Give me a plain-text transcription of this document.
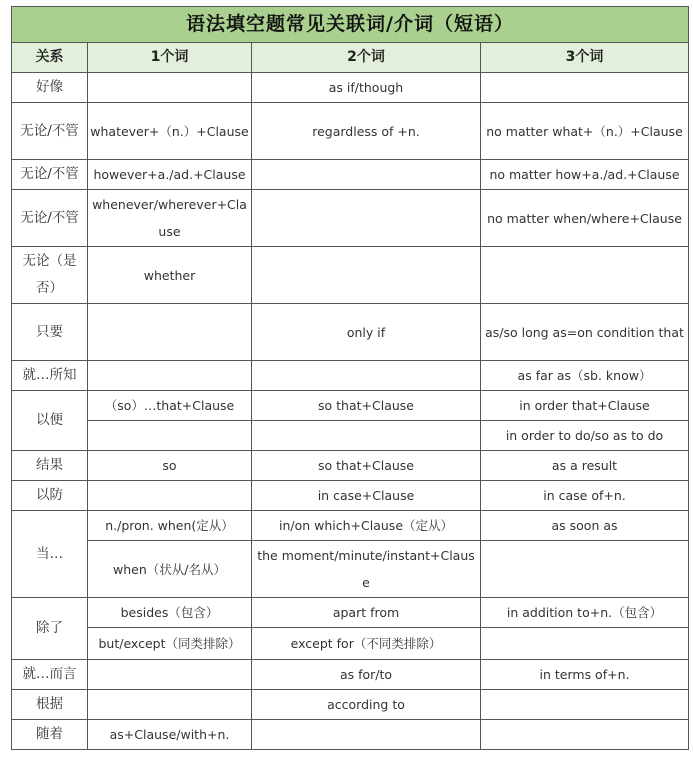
语法填空题常见关联词/介词（短语）			
关系	1个词	2个词	3个词
好像		as if/though	
无论/不管	whatever+（n.）+Clause	regardless of +n.	no matter what+（n.）+Clause
无论/不管	however+a./ad.+Clause		no matter how+a./ad.+Clause
无论/不管	whenever/wherever+Clause		no matter when/where+Clause
无论（是否）	whether		
只要		only if	as/so long as=on condition that
就…所知			as far as（sb. know）
以便	（so）…that+Clause	so that+Clause	in order that+Clause
			in order to do/so as to do
结果	so	so that+Clause	as a result
以防		in case+Clause	in case of+n.
当…	n./pron. when(定从）	in/on which+Clause（定从）	as soon as
	when（状从/名从）	the moment/minute/instant+Clause	
除了	besides（包含）	apart from	in addition to+n.（包含）
	but/except（同类排除）	except for（不同类排除）	
就…而言		as for/to	in terms of+n.
根据		according to	
随着	as+Clause/with+n.		
